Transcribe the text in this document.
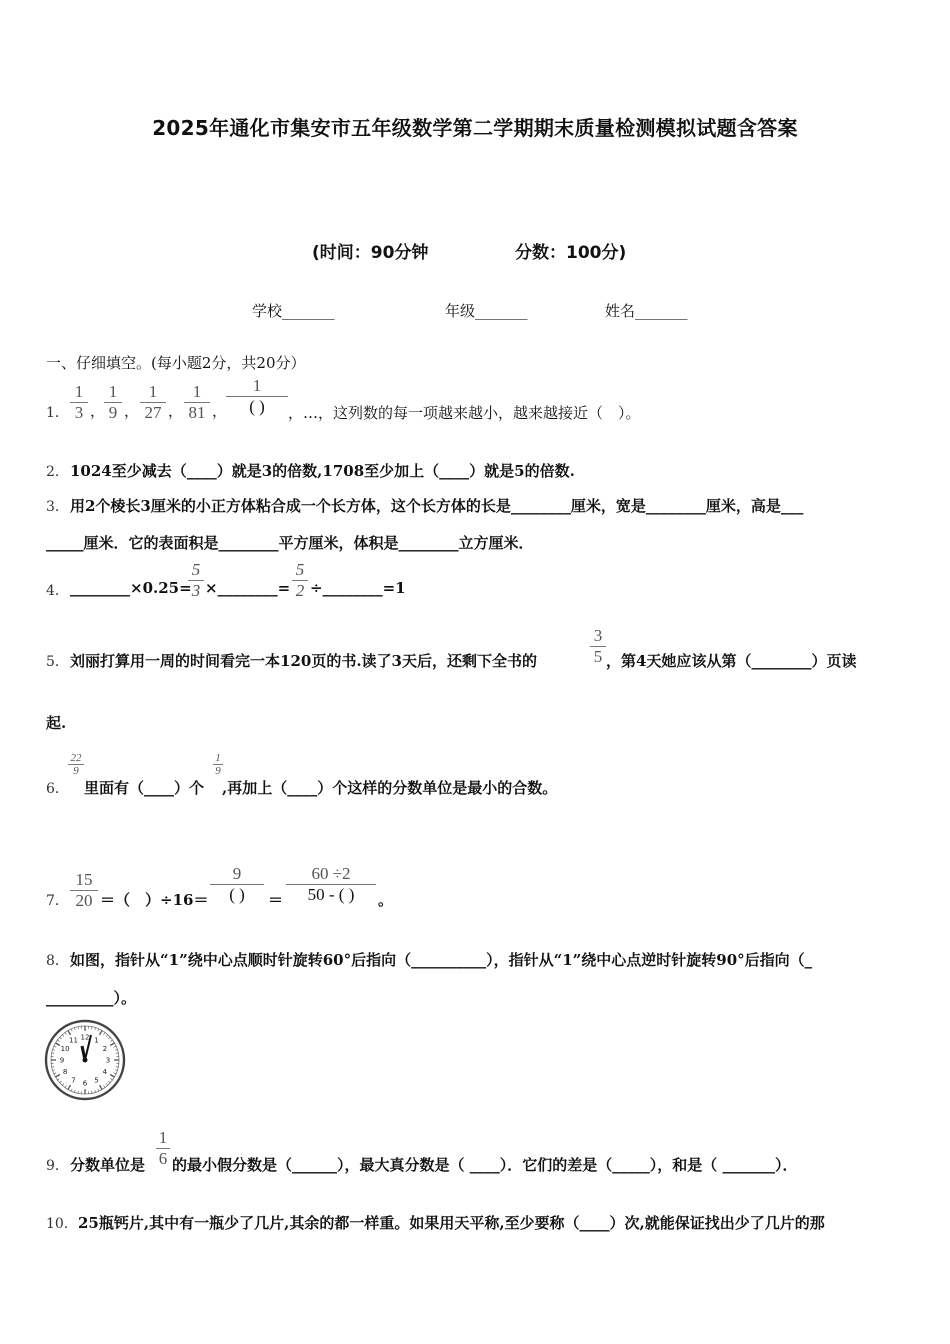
2025年通化市集安市五年级数学第二学期期末质量检测模拟试题含答案
(时间：90分钟	分数：100分)
学校_______	年级_______	姓名_______
一、仔细填空。(每小题2分，共20分）
1．
1
3 ，
1
9 ，
1
27 ，
1
81 ，
1
( )	，…，这列数的每一项越来越小，越来越接近（　）。
2． 1024至少减去（____）就是3的倍数,1708至少加上（____）就是5的倍数.
3． 用2个棱长3厘米的小正方体粘合成一个长方体，这个长方体的长是________厘米，宽是________厘米，高是___
_____厘米．它的表面积是________平方厘米，体积是________立方厘米．
4． ________×0.25=
5
3 ×________=
5
2 ÷________=1
5． 刘丽打算用一周的时间看完一本120页的书.读了3天后，还剩下全书的
3
5 ，第4天她应该从第（________）页读
起.
6．
22
9
里面有（____）个
1
9
,再加上（____）个这样的分数单位是最小的合数。
7．
15
20 ＝（　）÷16＝
9
( )	＝
60 ÷2
50 - ( )	。
8． 如图，指针从“1”绕中心点顺时针旋转60°后指向（__________），指针从“1”绕中心点逆时针旋转90°后指向（_
_________）。
12 1
2
3
4
5
6
7
8
9
10
11
9． 分数单位是
1
6 的最小假分数是（______），最大真分数是（ ____）．它们的差是（_____），和是（ _______）．
10． 25瓶钙片,其中有一瓶少了几片,其余的都一样重。如果用天平称,至少要称（____）次,就能保证找出少了几片的那
